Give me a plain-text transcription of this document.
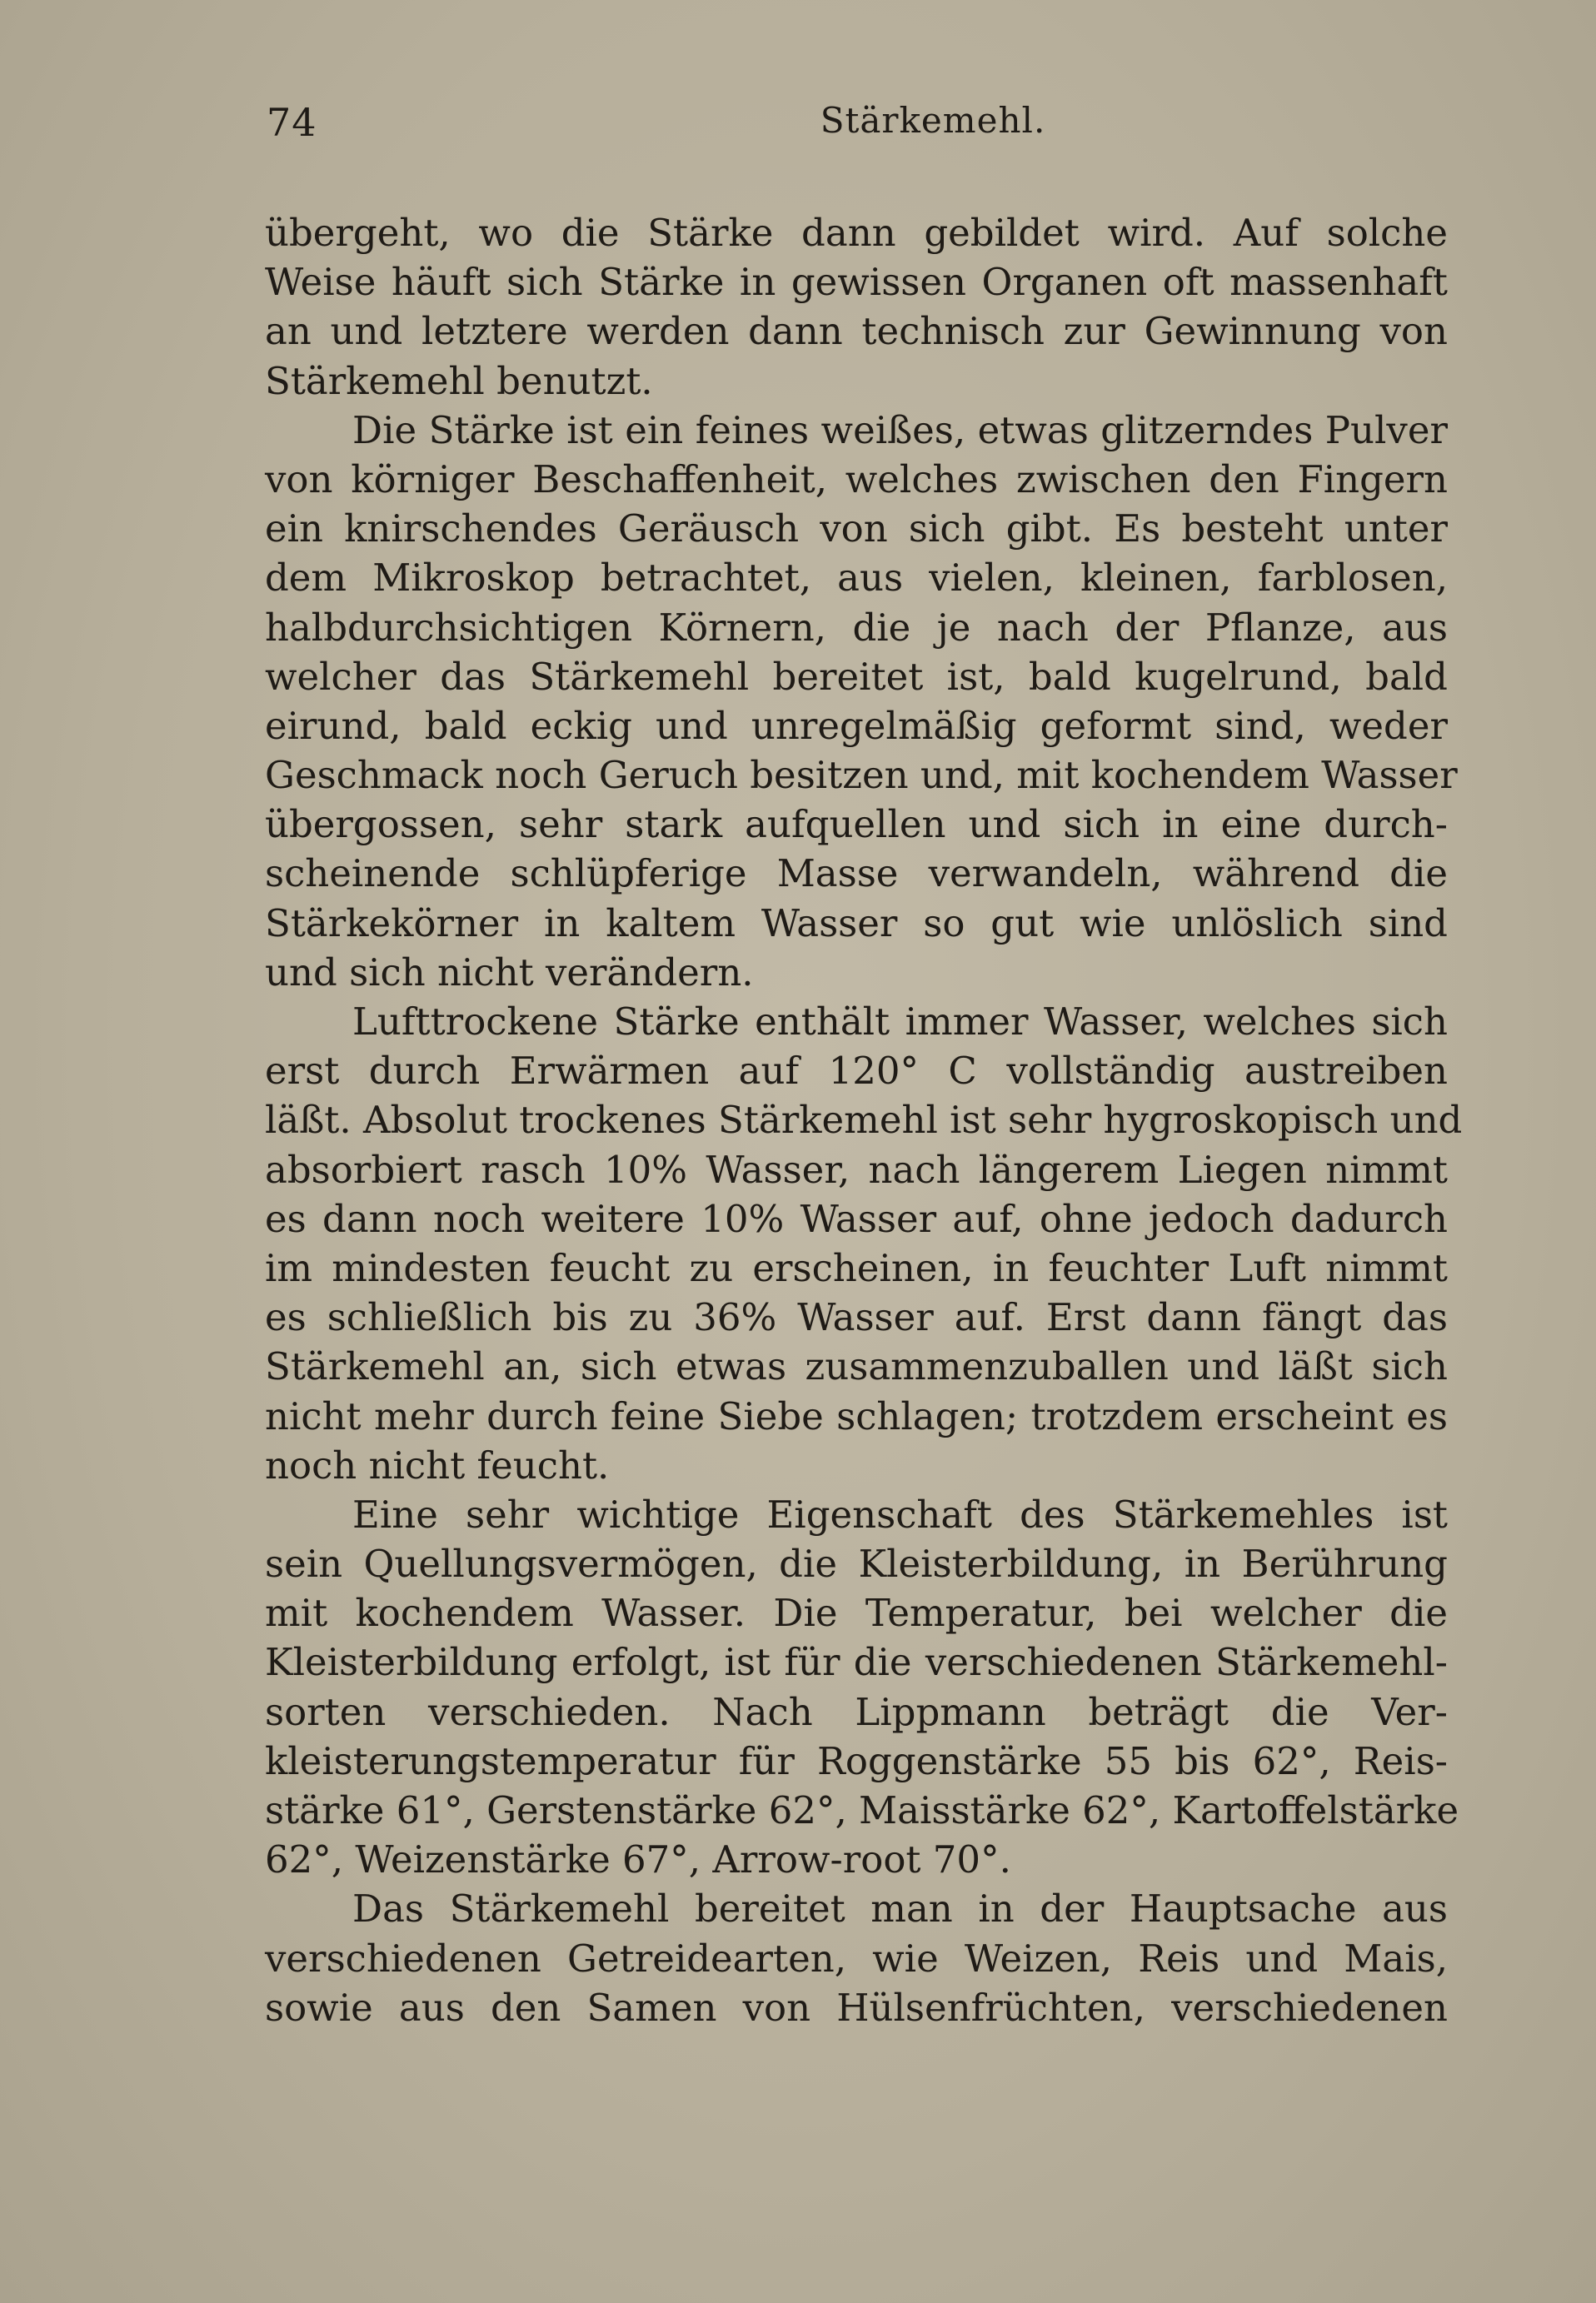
74	Stärkemehl.
übergeht, wo die Stärke dann gebildet wird. Auf solche
Weise häuft sich Stärke in gewissen Organen oft massenhaft
an und letztere werden dann technisch zur Gewinnung von
Stärkemehl benutzt.
Die Stärke ist ein feines weißes, etwas glitzerndes Pulver
von körniger Beschaffenheit, welches zwischen den Fingern
ein knirschendes Geräusch von sich gibt. Es besteht unter
dem Mikroskop betrachtet, aus vielen, kleinen, farblosen,
halbdurchsichtigen Körnern, die je nach der Pflanze, aus
welcher das Stärkemehl bereitet ist, bald kugelrund, bald
eirund, bald eckig und unregelmäßig geformt sind, weder
Geschmack noch Geruch besitzen und, mit kochendem Wasser
übergossen, sehr stark aufquellen und sich in eine durch-
scheinende schlüpferige Masse verwandeln, während die
Stärkekörner in kaltem Wasser so gut wie unlöslich sind
und sich nicht verändern.
Lufttrockene Stärke enthält immer Wasser, welches sich
erst durch Erwärmen auf 120° C vollständig austreiben
läßt. Absolut trockenes Stärkemehl ist sehr hygroskopisch und
absorbiert rasch 10% Wasser, nach längerem Liegen nimmt
es dann noch weitere 10% Wasser auf, ohne jedoch dadurch
im mindesten feucht zu erscheinen, in feuchter Luft nimmt
es schließlich bis zu 36% Wasser auf. Erst dann fängt das
Stärkemehl an, sich etwas zusammenzuballen und läßt sich
nicht mehr durch feine Siebe schlagen; trotzdem erscheint es
noch nicht feucht.
Eine sehr wichtige Eigenschaft des Stärkemehles ist
sein Quellungsvermögen, die Kleisterbildung, in Berührung
mit kochendem Wasser. Die Temperatur, bei welcher die
Kleisterbildung erfolgt, ist für die verschiedenen Stärkemehl-
sorten verschieden. Nach Lippmann beträgt die Ver-
kleisterungstemperatur für Roggenstärke 55 bis 62°, Reis-
stärke 61°, Gerstenstärke 62°, Maisstärke 62°, Kartoffelstärke
62°, Weizenstärke 67°, Arrow-root 70°.
Das Stärkemehl bereitet man in der Hauptsache aus
verschiedenen Getreidearten, wie Weizen, Reis und Mais,
sowie aus den Samen von Hülsenfrüchten, verschiedenen
